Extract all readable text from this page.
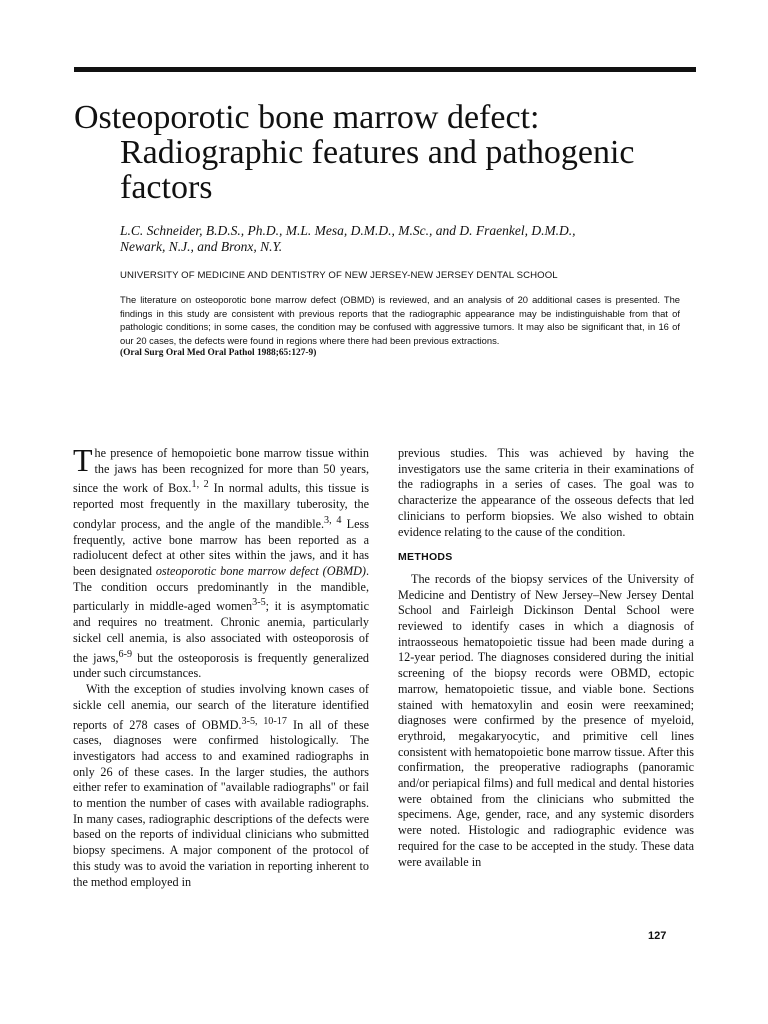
Osteoporotic bone marrow defect:
Radiographic features and pathogenic
factors
L.C. Schneider, B.D.S., Ph.D., M.L. Mesa, D.M.D., M.Sc., and D. Fraenkel, D.M.D.,
Newark, N.J., and Bronx, N.Y.
UNIVERSITY OF MEDICINE AND DENTISTRY OF NEW JERSEY-NEW JERSEY DENTAL SCHOOL
The literature on osteoporotic bone marrow defect (OBMD) is reviewed, and an analysis of 20 additional cases is presented. The findings in this study are consistent with previous reports that the radiographic appearance may be indistinguishable from that of pathologic conditions; in some cases, the condition may be confused with aggressive tumors. It may also be significant that, in 16 of our 20 cases, the defects were found in regions where there had been previous extractions.
(Oral Surg Oral Med Oral Pathol 1988;65:127-9)

The presence of hemopoietic bone marrow tissue within the jaws has been recognized for more than 50 years, since the work of Box.$^{1, 2}$ In normal adults, this tissue is reported most frequently in the maxillary tuberosity, the condylar process, and the angle of the mandible.$^{3, 4}$ Less frequently, active bone marrow has been reported as a radiolucent defect at other sites within the jaws, and it has been designated osteoporotic bone marrow defect (OBMD). The condition occurs predominantly in the mandible, particularly in middle-aged women$^{3-5}$; it is asymptomatic and requires no treatment. Chronic anemia, particularly sickel cell anemia, is also associated with osteoporosis of the jaws,$^{6-9}$ but the osteoporosis is frequently generalized under such circumstances.

With the exception of studies involving known cases of sickle cell anemia, our search of the literature identified reports of 278 cases of OBMD.$^{3-5, 10-17}$ In all of these cases, diagnoses were confirmed histologically. The investigators had access to and examined radiographs in only 26 of these cases. In the larger studies, the authors either refer to examination of "available radiographs" or fail to mention the number of cases with available radiographs. In many cases, radiographic descriptions of the defects were based on the reports of individual clinicians who submitted biopsy specimens. A major component of the protocol of this study was to avoid the variation in reporting inherent to the method employed in

previous studies. This was achieved by having the investigators use the same criteria in their examinations of the radiographs in a series of cases. The goal was to characterize the appearance of the osseous defects that led clinicians to perform biopsies. We also wished to obtain evidence relating to the cause of the condition.

METHODS

The records of the biopsy services of the University of Medicine and Dentistry of New Jersey–New Jersey Dental School and Fairleigh Dickinson Dental School were reviewed to identify cases in which a diagnosis of intraosseous hematopoietic tissue had been made during a 12-year period. The diagnoses considered during the initial screening of the biopsy records were OBMD, ectopic marrow, hematopoietic tissue, and viable bone. Sections stained with hematoxylin and eosin were reexamined; diagnoses were confirmed by the presence of myeloid, erythroid, megakaryocytic, and primitive cell lines consistent with hematopoietic bone marrow tissue. After this confirmation, the preoperative radiographs (panoramic and/or periapical films) and full medical and dental histories were obtained from the clinicians who submitted the specimens. Age, gender, race, and any systemic disorders were noted. Histologic and radiographic evidence was required for the case to be accepted in the study. These data were available in

127
